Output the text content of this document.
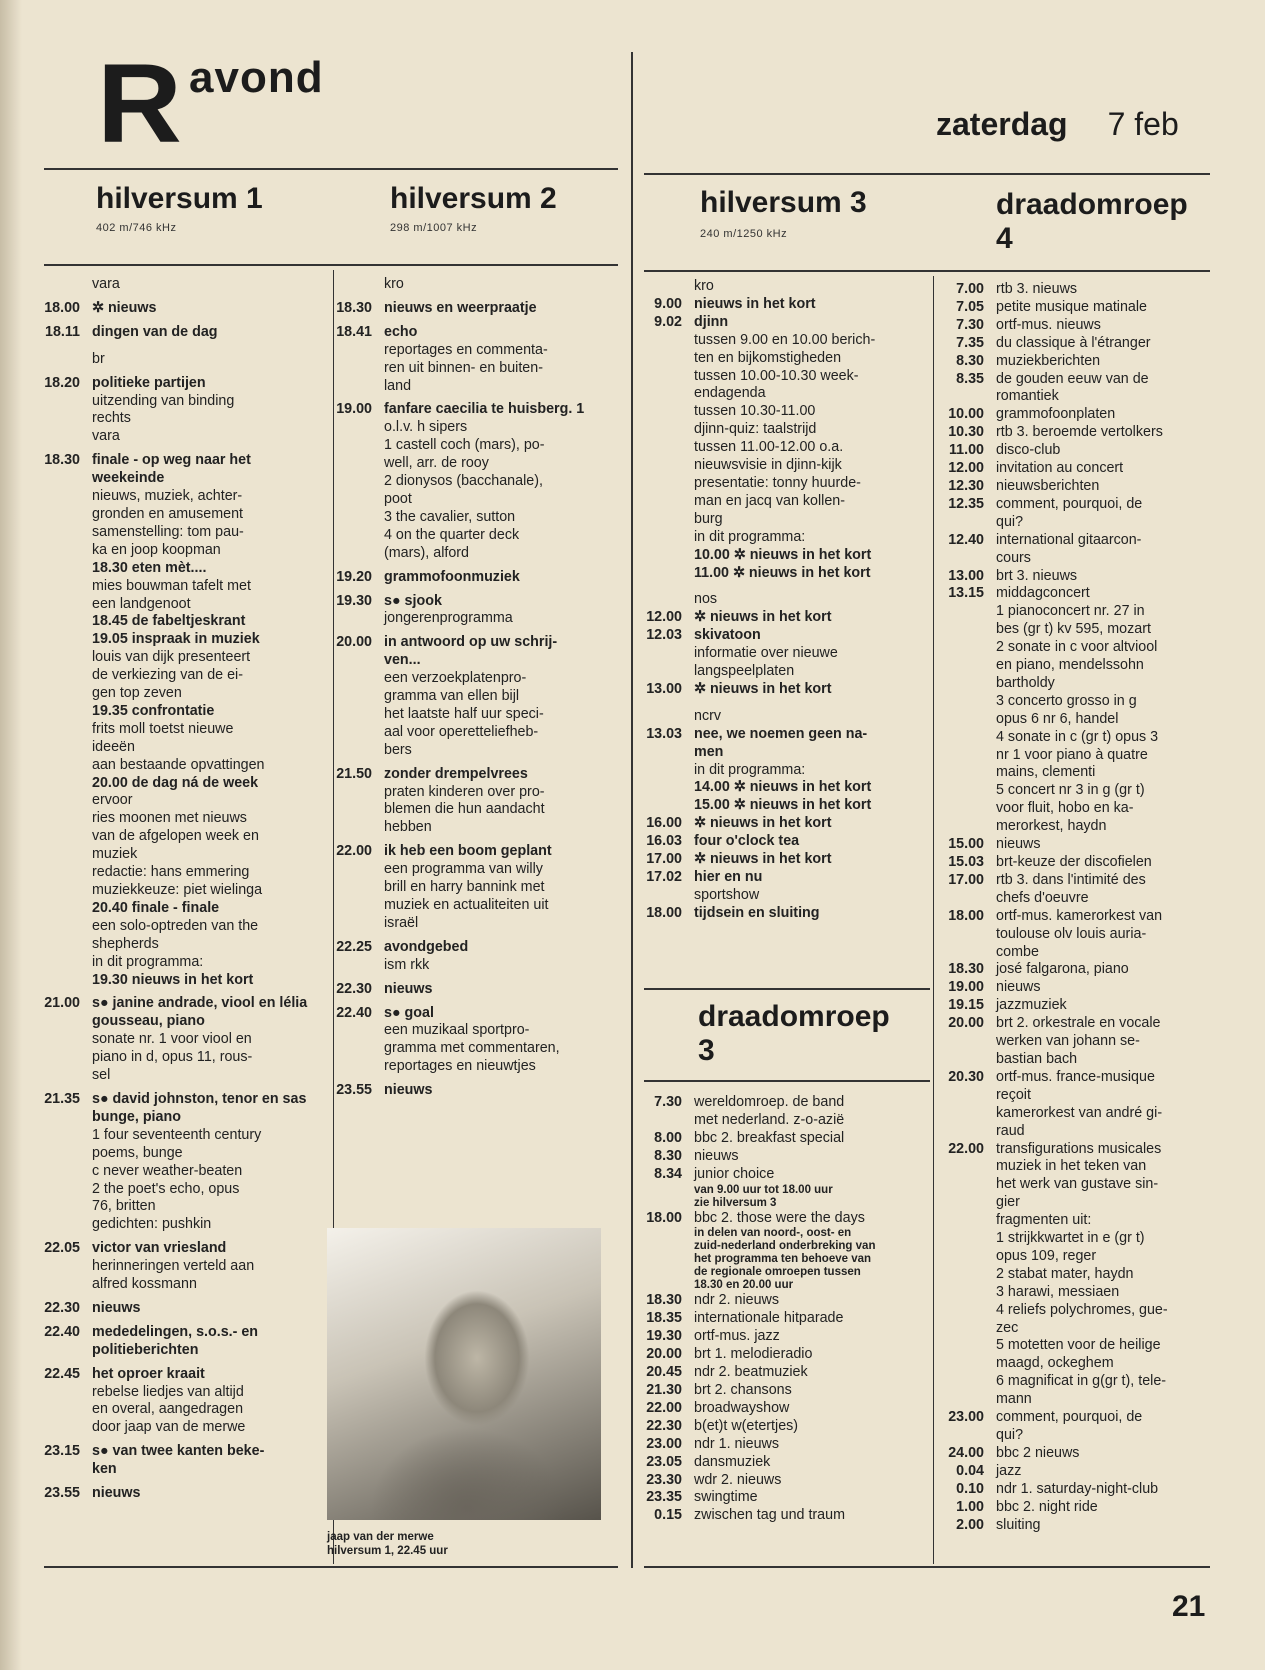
R avond
zaterdag 7 feb
hilversum 1
402 m/746 kHz
hilversum 2
298 m/1007 kHz
hilversum 3
240 m/1250 kHz
draadomroep
4
draadomroep
3
vara
18.00 ✲ nieuws
18.11 dingen van de dag
br
18.20 politieke partijen
uitzending van binding
rechts
vara
18.30 finale - op weg naar het weekeinde
nieuws, muziek, achter-
gronden en amusement
samenstelling: tom pau-
ka en joop koopman
18.30 eten mèt....
mies bouwman tafelt met
een landgenoot
18.45 de fabeltjeskrant
19.05 inspraak in muziek
louis van dijk presenteert
de verkiezing van de ei-
gen top zeven
19.35 confrontatie
frits moll toetst nieuwe
ideeën
aan bestaande opvattingen
20.00 de dag ná de week
ervoor
ries moonen met nieuws
van de afgelopen week en
muziek
redactie: hans emmering
muziekkeuze: piet wielinga
20.40 finale - finale
een solo-optreden van the
shepherds
in dit programma:
19.30 nieuws in het kort
21.00 s● janine andrade, viool en lélia gousseau, piano
sonate nr. 1 voor viool en
piano in d, opus 11, rous-
sel
21.35 s● david johnston, tenor en sas bunge, piano
1 four seventeenth century
poems, bunge
c never weather-beaten
2 the poet's echo, opus
76, britten
gedichten: pushkin
22.05 victor van vriesland
herinneringen verteld aan
alfred kossmann
22.30 nieuws
22.40 mededelingen, s.o.s.- en politieberichten
22.45 het oproer kraait
rebelse liedjes van altijd
en overal, aangedragen
door jaap van de merwe
23.15 s● van twee kanten beke-
ken
23.55 nieuws
kro
18.30 nieuws en weerpraatje
18.41 echo
reportages en commenta-
ren uit binnen- en buiten-
land
19.00 fanfare caecilia te huisberg. 1
o.l.v. h sipers
1 castell coch (mars), po-
well, arr. de rooy
2 dionysos (bacchanale),
poot
3 the cavalier, sutton
4 on the quarter deck
(mars), alford
19.20 grammofoonmuziek
19.30 s● sjook
jongerenprogramma
20.00 in antwoord op uw schrij-
ven...
een verzoekplatenpro-
gramma van ellen bijl
het laatste half uur speci-
aal voor operetteliefheb-
bers
21.50 zonder drempelvrees
praten kinderen over pro-
blemen die hun aandacht
hebben
22.00 ik heb een boom geplant
een programma van willy
brill en harry bannink met
muziek en actualiteiten uit
israël
22.25 avondgebed
ism rkk
22.30 nieuws
22.40 s● goal
een muzikaal sportpro-
gramma met commentaren,
reportages en nieuwtjes
23.55 nieuws
kro
9.00 nieuws in het kort
9.02 djinn
tussen 9.00 en 10.00 berich-
ten en bijkomstigheden
tussen 10.00-10.30 week-
endagenda
tussen 10.30-11.00
djinn-quiz: taalstrijd
tussen 11.00-12.00 o.a.
nieuwsvisie in djinn-kijk
presentatie: tonny huurde-
man en jacq van kollen-
burg
in dit programma:
10.00 ✲ nieuws in het kort
11.00 ✲ nieuws in het kort
nos
12.00 ✲ nieuws in het kort
12.03 skivatoon
informatie over nieuwe
langspeelplaten
13.00 ✲ nieuws in het kort
ncrv
13.03 nee, we noemen geen na-
men
in dit programma:
14.00 ✲ nieuws in het kort
15.00 ✲ nieuws in het kort
16.00 ✲ nieuws in het kort
16.03 four o'clock tea
17.00 ✲ nieuws in het kort
17.02 hier en nu
sportshow
18.00 tijdsein en sluiting
7.30 wereldomroep. de band
met nederland. z-o-azië
8.00 bbc 2. breakfast special
8.30 nieuws
8.34 junior choice
van 9.00 uur tot 18.00 uur
zie hilversum 3
18.00 bbc 2. those were the days
in delen van noord-, oost- en
zuid-nederland onderbreking van
het programma ten behoeve van
de regionale omroepen tussen
18.30 en 20.00 uur
18.30 ndr 2. nieuws
18.35 internationale hitparade
19.30 ortf-mus. jazz
20.00 brt 1. melodieradio
20.45 ndr 2. beatmuziek
21.30 brt 2. chansons
22.00 broadwayshow
22.30 b(et)t w(etertjes)
23.00 ndr 1. nieuws
23.05 dansmuziek
23.30 wdr 2. nieuws
23.35 swingtime
0.15 zwischen tag und traum
7.00 rtb 3. nieuws
7.05 petite musique matinale
7.30 ortf-mus. nieuws
7.35 du classique à l'étranger
8.30 muziekberichten
8.35 de gouden eeuw van de
romantiek
10.00 grammofoonplaten
10.30 rtb 3. beroemde vertolkers
11.00 disco-club
12.00 invitation au concert
12.30 nieuwsberichten
12.35 comment, pourquoi, de
qui?
12.40 international gitaarcon-
cours
13.00 brt 3. nieuws
13.15 middagconcert
1 pianoconcert nr. 27 in
bes (gr t) kv 595, mozart
2 sonate in c voor altviool
en piano, mendelssohn
bartholdy
3 concerto grosso in g
opus 6 nr 6, handel
4 sonate in c (gr t) opus 3
nr 1 voor piano à quatre
mains, clementi
5 concert nr 3 in g (gr t)
voor fluit, hobo en ka-
merorkest, haydn
15.00 nieuws
15.03 brt-keuze der discofielen
17.00 rtb 3. dans l'intimité des
chefs d'oeuvre
18.00 ortf-mus. kamerorkest van
toulouse olv louis auria-
combe
18.30 josé falgarona, piano
19.00 nieuws
19.15 jazzmuziek
20.00 brt 2. orkestrale en vocale
werken van johann se-
bastian bach
20.30 ortf-mus. france-musique
reçoit
kamerorkest van andré gi-
raud
22.00 transfigurations musicales
muziek in het teken van
het werk van gustave sin-
gier
fragmenten uit:
1 strijkkwartet in e (gr t)
opus 109, reger
2 stabat mater, haydn
3 harawi, messiaen
4 reliefs polychromes, gue-
zec
5 motetten voor de heilige
maagd, ockeghem
6 magnificat in g(gr t), tele-
mann
23.00 comment, pourquoi, de
qui?
24.00 bbc 2 nieuws
0.04 jazz
0.10 ndr 1. saturday-night-club
1.00 bbc 2. night ride
2.00 sluiting
jaap van der merwe
hilversum 1, 22.45 uur
21
